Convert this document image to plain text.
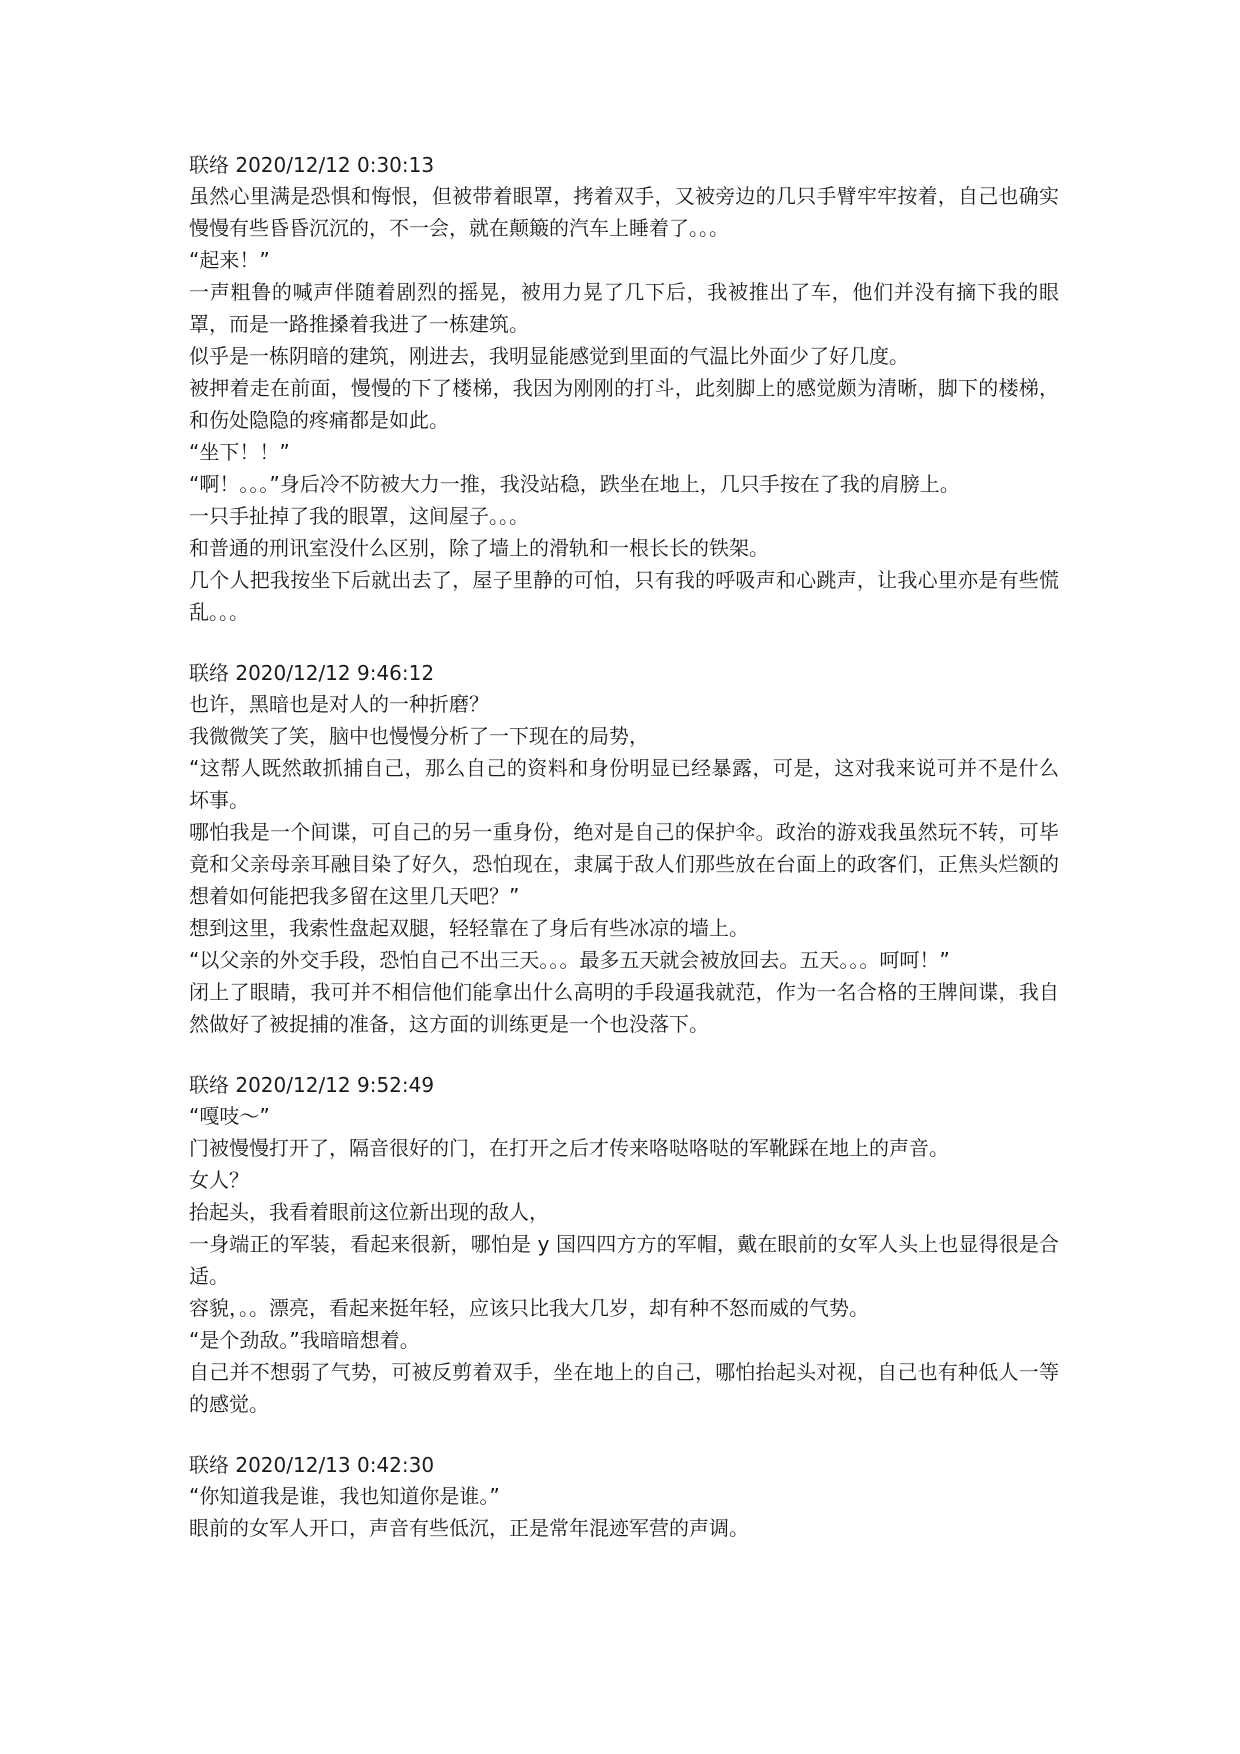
联络 2020/12/12 0:30:13

虽然心里满是恐惧和悔恨，但被带着眼罩，拷着双手，又被旁边的几只手臂牢牢按着，自己也确实慢慢有些昏昏沉沉的，不一会，就在颠簸的汽车上睡着了。。。

“起来！”

一声粗鲁的喊声伴随着剧烈的摇晃，被用力晃了几下后，我被推出了车，他们并没有摘下我的眼罩，而是一路推搡着我进了一栋建筑。

似乎是一栋阴暗的建筑，刚进去，我明显能感觉到里面的气温比外面少了好几度。

被押着走在前面，慢慢的下了楼梯，我因为刚刚的打斗，此刻脚上的感觉颇为清晰，脚下的楼梯，和伤处隐隐的疼痛都是如此。

“坐下！！”

“啊！。。。”身后冷不防被大力一推，我没站稳，跌坐在地上，几只手按在了我的肩膀上。

一只手扯掉了我的眼罩，这间屋子。。。

和普通的刑讯室没什么区别，除了墙上的滑轨和一根长长的铁架。

几个人把我按坐下后就出去了，屋子里静的可怕，只有我的呼吸声和心跳声，让我心里亦是有些慌乱。。。

联络 2020/12/12 9:46:12

也许，黑暗也是对人的一种折磨？

我微微笑了笑，脑中也慢慢分析了一下现在的局势，

“这帮人既然敢抓捕自己，那么自己的资料和身份明显已经暴露，可是，这对我来说可并不是什么坏事。

哪怕我是一个间谍，可自己的另一重身份，绝对是自己的保护伞。政治的游戏我虽然玩不转，可毕竟和父亲母亲耳融目染了好久，恐怕现在，隶属于敌人们那些放在台面上的政客们，正焦头烂额的想着如何能把我多留在这里几天吧？”

想到这里，我索性盘起双腿，轻轻靠在了身后有些冰凉的墙上。

“以父亲的外交手段，恐怕自己不出三天。。。最多五天就会被放回去。五天。。。呵呵！”

闭上了眼睛，我可并不相信他们能拿出什么高明的手段逼我就范，作为一名合格的王牌间谍，我自然做好了被捉捕的准备，这方面的训练更是一个也没落下。

联络 2020/12/12 9:52:49

“嘎吱～”

门被慢慢打开了，隔音很好的门，在打开之后才传来咯哒咯哒的军靴踩在地上的声音。

女人？

抬起头，我看着眼前这位新出现的敌人，

一身端正的军装，看起来很新，哪怕是 y 国四四方方的军帽，戴在眼前的女军人头上也显得很是合适。

容貌，。。漂亮，看起来挺年轻，应该只比我大几岁，却有种不怒而威的气势。

“是个劲敌。”我暗暗想着。

自己并不想弱了气势，可被反剪着双手，坐在地上的自己，哪怕抬起头对视，自己也有种低人一等的感觉。

联络 2020/12/13 0:42:30

“你知道我是谁，我也知道你是谁。”

眼前的女军人开口，声音有些低沉，正是常年混迹军营的声调。
